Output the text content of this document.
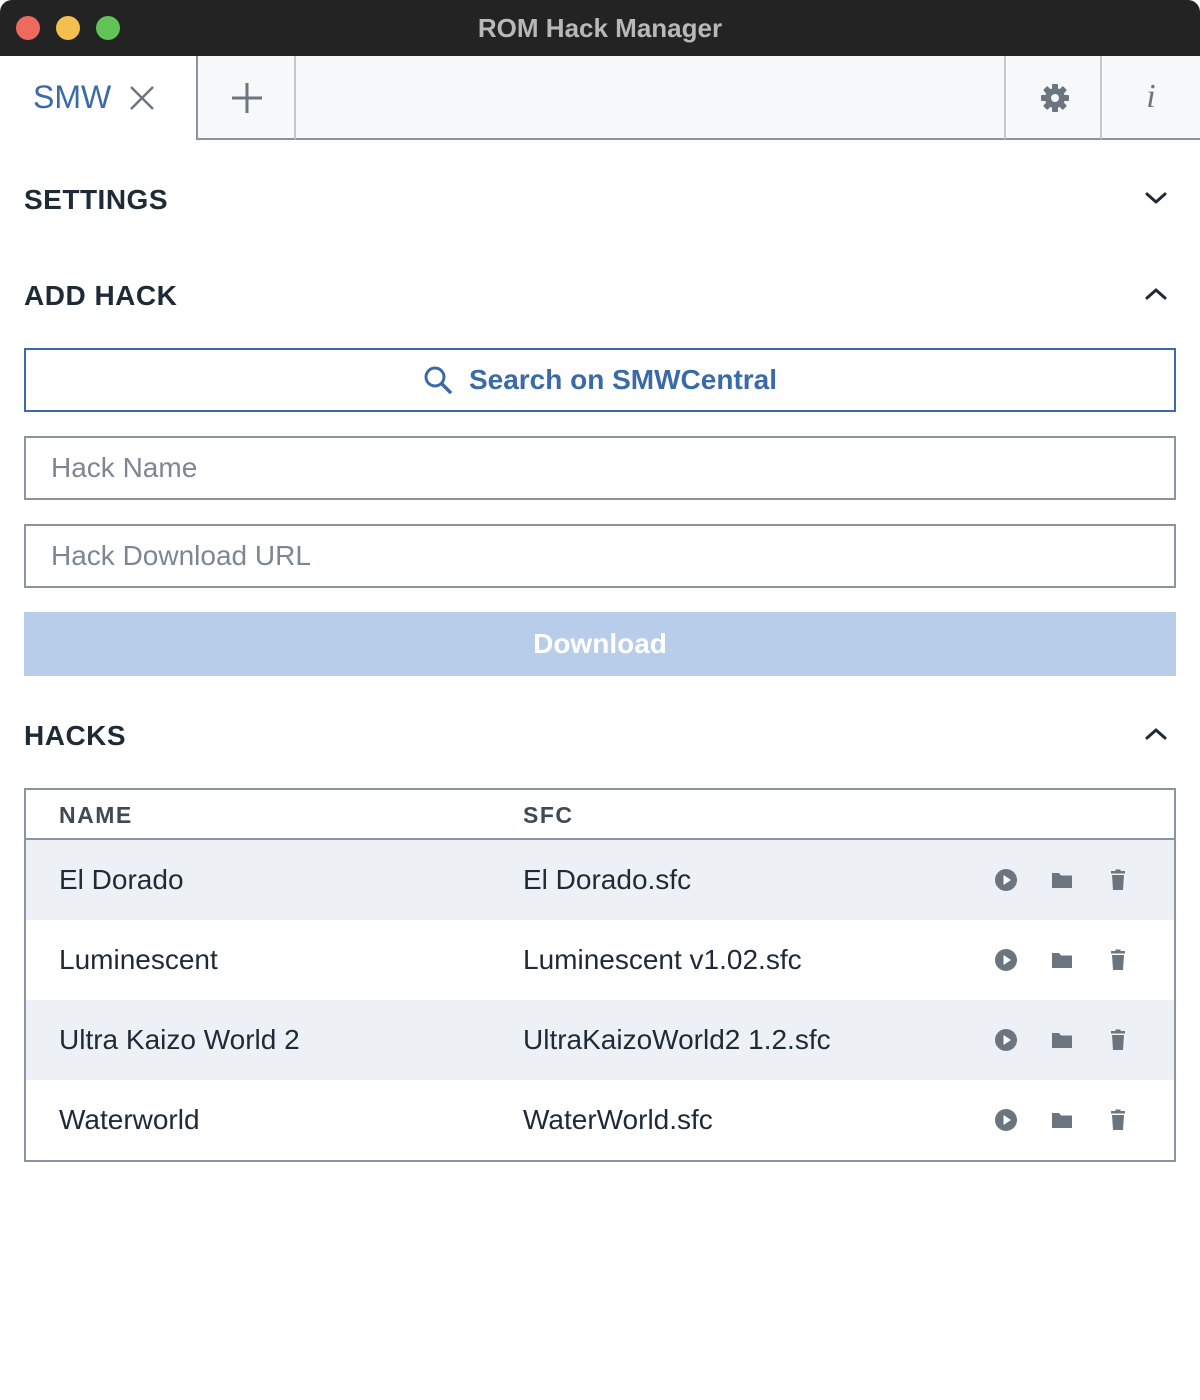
ROM Hack Manager
SMW	i
SETTINGS
ADD HACK
Search on SMWCentral
Hack Name
Hack Download URL
Download
HACKS
NAME	SFC
El Dorado	El Dorado.sfc
Luminescent	Luminescent v1.02.sfc
Ultra Kaizo World 2	UltraKaizoWorld2 1.2.sfc
Waterworld	WaterWorld.sfc
